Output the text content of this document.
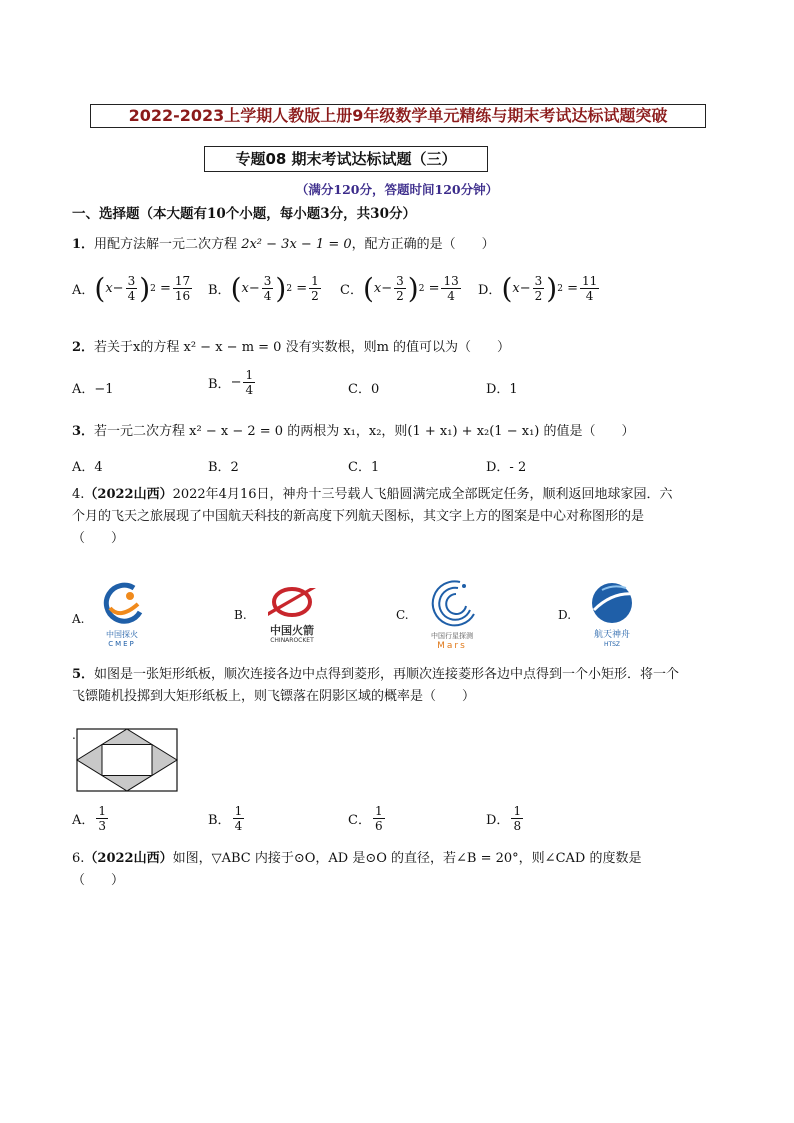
2022-2023上学期人教版上册9年级数学单元精练与期末考试达标试题突破
专题08 期末考试达标试题（三）
（满分120分，答题时间120分钟）
一、选择题（本大题有10个小题，每小题3分，共30分）
1．用配方法解一元二次方程 2x² − 3x − 1 = 0，配方正确的是（　　）
A． ( $x - \frac{3}{4}$ ) $2 = \frac{17}{16}$ B． ( $x - \frac{3}{4}$ ) $2 = \frac{1}{2}$ C． ( $x - \frac{3}{2}$ ) $2 = \frac{13}{4}$ D． ( $x - \frac{3}{2}$ ) $2 = \frac{11}{4}$
2．若关于x的方程 x² − x − m = 0 没有实数根，则m 的值可以为（　　）
A．−1	B． − $\frac{1}{4}$	C．0	D．1
3．若一元二次方程 x² − x − 2 = 0 的两根为 x₁，x₂，则(1 + x₁) + x₂(1 − x₁) 的值是（　　）
A．4	B．2	C．1	D．- 2
4.（2022山西）2022年4月16日，神舟十三号载人飞船圆满完成全部既定任务，顺利返回地球家园．六
个月的飞天之旅展现了中国航天科技的新高度下列航天图标，其文字上方的图案是中心对称图形的是
（　　）
A.
中国探火
CMEP
B.
中国火箭
CHINAROCKET
C.
中国行星探测
Mars
D.
航天神舟
HTSZ
5．如图是一张矩形纸板，顺次连接各边中点得到菱形，再顺次连接菱形各边中点得到一个小矩形．将一个
飞镖随机投掷到大矩形纸板上，则飞镖落在阴影区域的概率是（　　）
.
A． $\frac{1}{3}$	B． $\frac{1}{4}$	C． $\frac{1}{6}$	D． $\frac{1}{8}$
6.（2022山西）如图，▽ABC 内接于⊙O，AD 是⊙O 的直径，若∠B = 20°，则∠CAD 的度数是
（　　）
